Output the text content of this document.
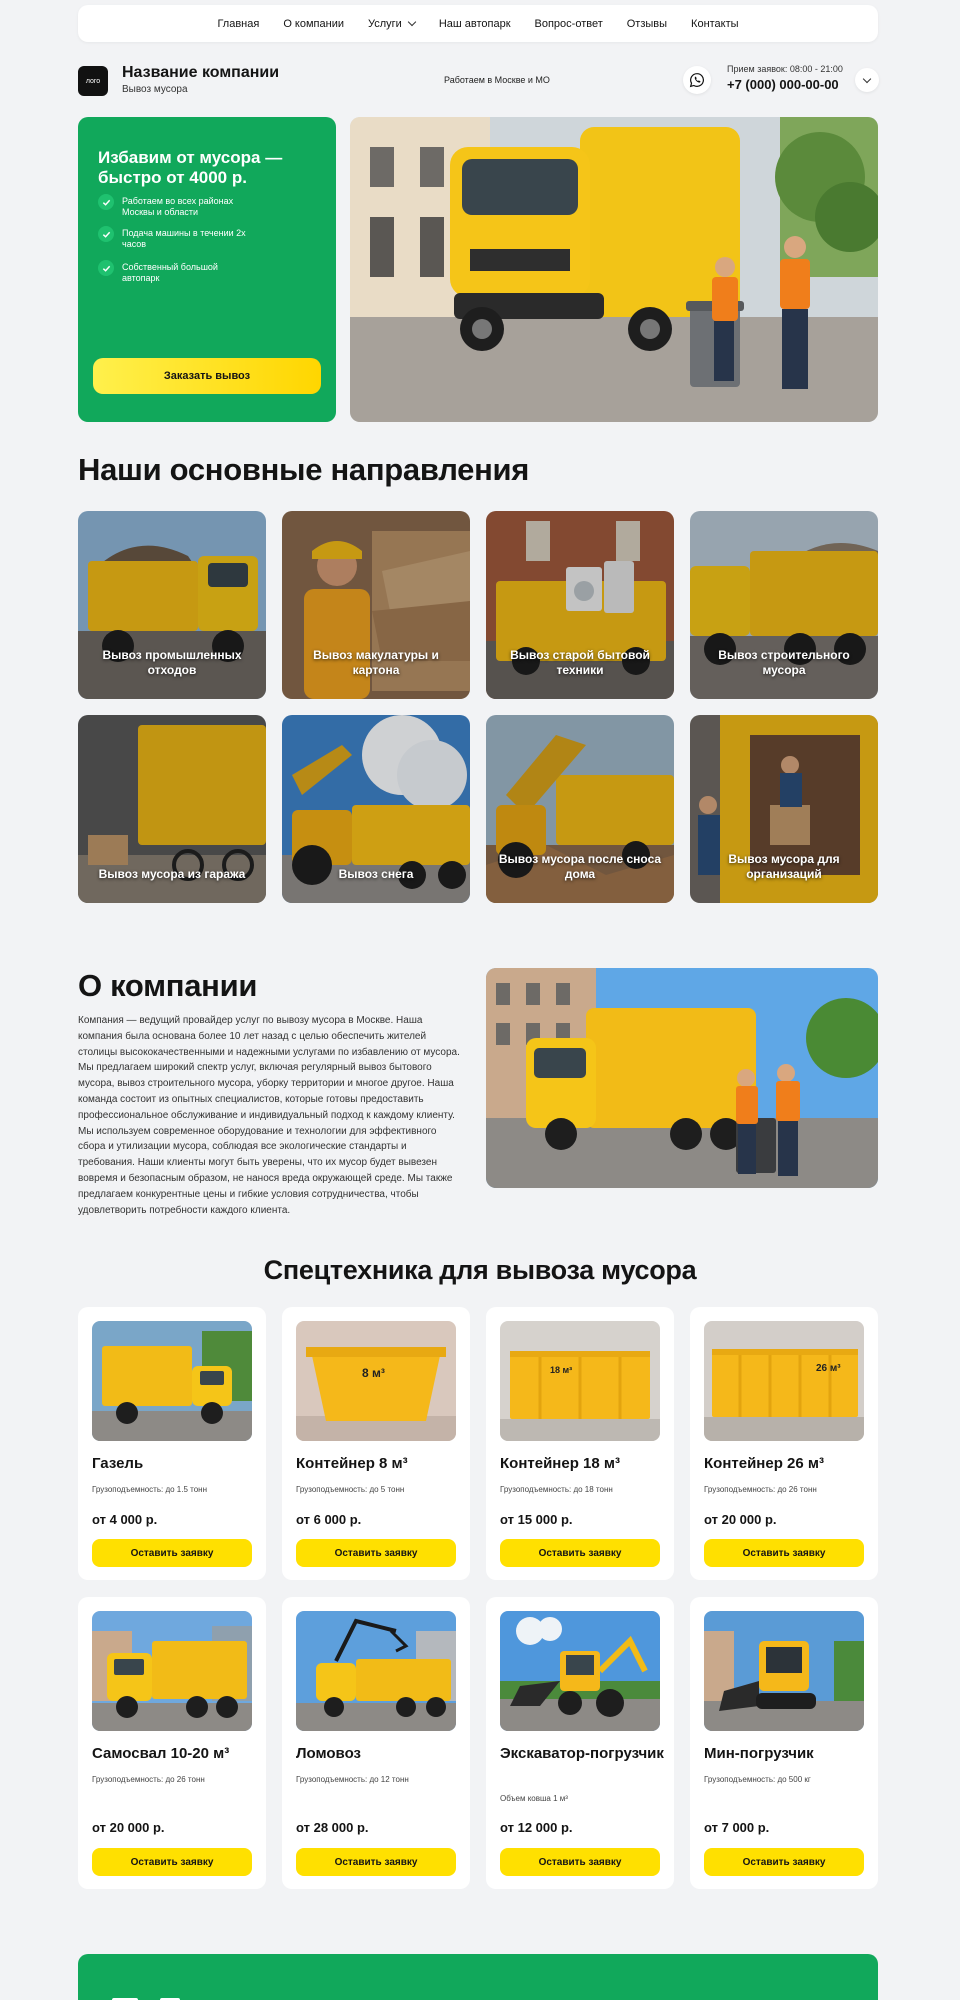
Главная О компании Услуги	Наш автопарк Вопрос-ответ Отзывы Контакты
лого	Название компании
Вывоз мусора
Работаем в Москве и МО
Прием заявок: 08:00 - 21:00
+7 (000) 000-00-00
Избавим от мусора — быстро от 4000 р.
Работаем во всех районах Москвы и области
Подача машины в течении 2х часов
Собственный большой автопарк
Заказать вывоз
Наши основные направления
Вывоз промышленных отходов
Вывоз макулатуры и картона
Вывоз старой бытовой техники
Вывоз строительного мусора
Вывоз мусора из гаража	Вывоз снега
Вывоз мусора после сноса дома
Вывоз мусора для организаций
О компании

Компания — ведущий провайдер услуг по вывозу мусора в Москве. Наша компания была основана более 10 лет назад с целью обеспечить жителей столицы высококачественными и надежными услугами по избавлению от мусора. Мы предлагаем широкий спектр услуг, включая регулярный вывоз бытового мусора, вывоз строительного мусора, уборку территории и многое другое. Наша команда состоит из опытных специалистов, которые готовы предоставить профессиональное обслуживание и индивидуальный подход к каждому клиенту. Мы используем современное оборудование и технологии для эффективного сбора и утилизации мусора, соблюдая все экологические стандарты и требования. Наши клиенты могут быть уверены, что их мусор будет вывезен вовремя и безопасным образом, не нанося вреда окружающей среде. Мы также предлагаем конкурентные цены и гибкие условия сотрудничества, чтобы удовлетворить потребности каждого клиента.

Спецтехника для вывоза мусора
Газель
Грузоподъемность: до 1.5 тонн
от 4 000 р.
Оставить заявку
8 м³
Контейнер 8 м³
Грузоподъемность: до 5 тонн
от 6 000 р.
Оставить заявку
18 м³
Контейнер 18 м³
Грузоподъемность: до 18 тонн
от 15 000 р.
Оставить заявку
26 м³
Контейнер 26 м³
Грузоподъемность: до 26 тонн
от 20 000 р.
Оставить заявку
Самосвал 10-20 м³
Грузоподъемность: до 26 тонн
от 20 000 р.
Оставить заявку
Ломовоз
Грузоподъемность: до 12 тонн
от 28 000 р.
Оставить заявку
Экскаватор-погрузчик
Объем ковша 1 м³
от 12 000 р.
Оставить заявку
Мин-погрузчик
Грузоподъемность: до 500 кг
от 7 000 р.
Оставить заявку
